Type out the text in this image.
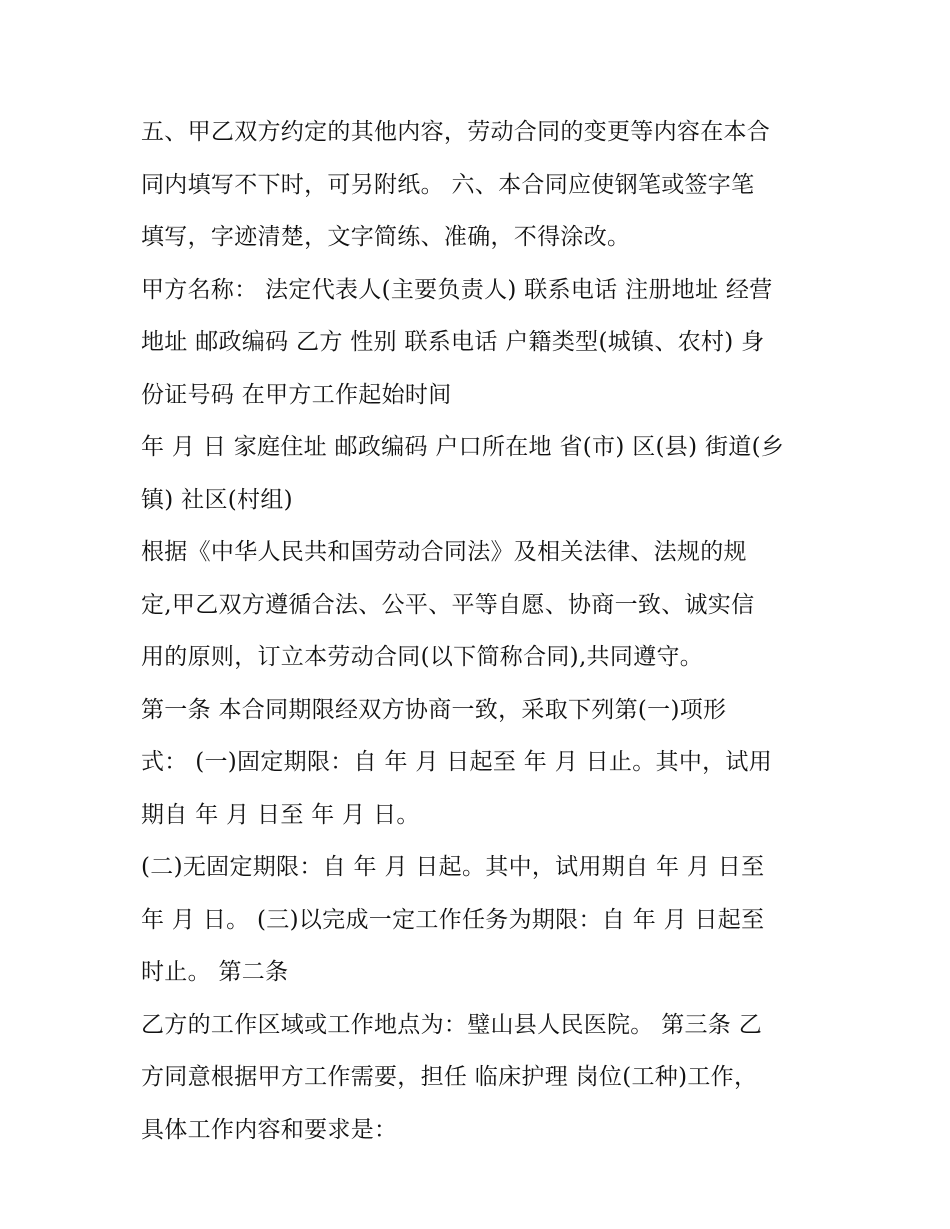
五、甲乙双方约定的其他内容，劳动合同的变更等内容在本合
同内填写不下时，可另附纸。 六、本合同应使钢笔或签字笔
填写，字迹清楚，文字简练、准确，不得涂改。
甲方名称： 法定代表人(主要负责人) 联系电话 注册地址 经营
地址 邮政编码 乙方 性别 联系电话 户籍类型(城镇、农村) 身
份证号码 在甲方工作起始时间
年 月 日 家庭住址 邮政编码 户口所在地 省(市) 区(县) 街道(乡
镇) 社区(村组)
根据《中华人民共和国劳动合同法》及相关法律、法规的规
定,甲乙双方遵循合法、公平、平等自愿、协商一致、诚实信
用的原则，订立本劳动合同(以下简称合同),共同遵守。
第一条 本合同期限经双方协商一致，采取下列第(一)项形
式： (一)固定期限：自 年 月 日起至 年 月 日止。其中，试用
期自 年 月 日至 年 月 日。
(二)无固定期限：自 年 月 日起。其中，试用期自 年 月 日至
年 月 日。 (三)以完成一定工作任务为期限：自 年 月 日起至
时止。 第二条
乙方的工作区域或工作地点为：璧山县人民医院。 第三条 乙
方同意根据甲方工作需要，担任 临床护理 岗位(工种)工作，
具体工作内容和要求是：
